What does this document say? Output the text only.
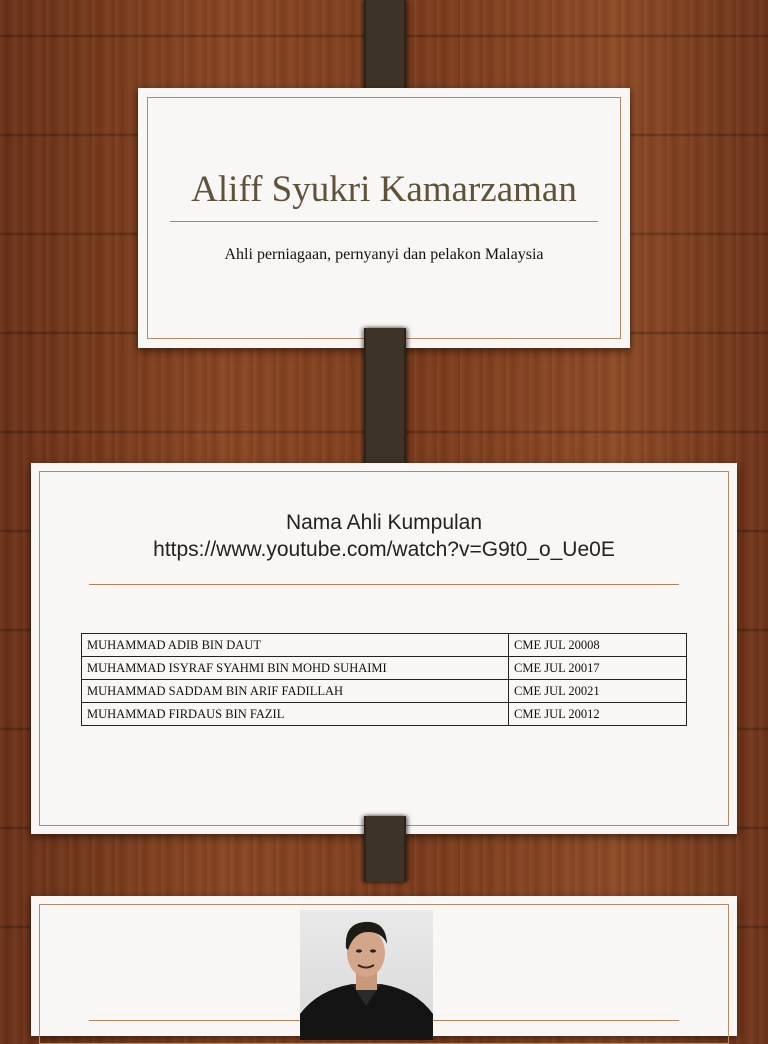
Aliff Syukri Kamarzaman
Ahli perniagaan, pernyanyi dan pelakon Malaysia
Nama Ahli Kumpulan
https://www.youtube.com/watch?v=G9t0_o_Ue0E
MUHAMMAD ADIB BIN DAUT	CME JUL 20008
MUHAMMAD ISYRAF SYAHMI BIN MOHD SUHAIMI	CME JUL 20017
MUHAMMAD SADDAM BIN ARIF FADILLAH	CME JUL 20021
MUHAMMAD FIRDAUS BIN FAZIL	CME JUL 20012
